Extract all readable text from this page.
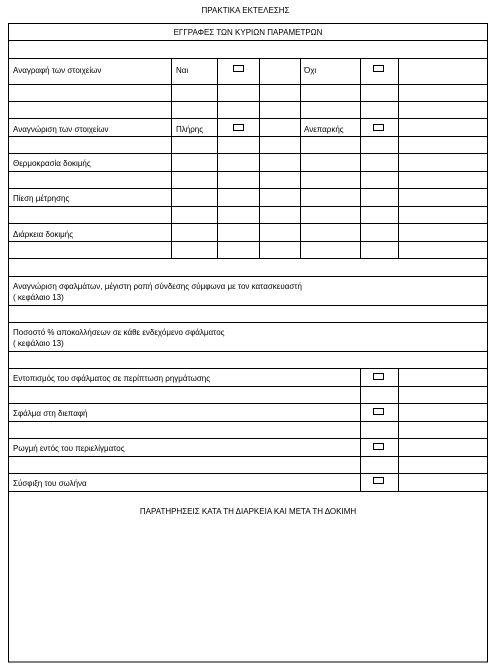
ΠΡΑΚΤΙΚΑ ΕΚΤΕΛΕΣΗΣ
ΕΓΓΡΑΦΕΣ ΤΩΝ ΚΥΡΙΩΝ ΠΑΡΑΜΕΤΡΩΝ
Αναγραφή των στοιχείων	Ναι	Όχι
Αναγνώριση των στοιχείων	Πλήρης	Ανεπαρκής
Θερμοκρασία δοκιμής
Πίεση μέτρησης
Διάρκεια δοκιμής
Αναγνώριση σφαλμάτων, μέγιστη ροπή σύνδεσης σύμφωνα με τον κατασκευαστή
( κεφάλαιο 13)
Ποσοστό % αποκολλήσεων σε κάθε ενδεχόμενο σφάλματος
( κεφάλαιο 13)
Εντοπισμός του σφάλματος σε περίπτωση ρηγμάτωσης
Σφάλμα στη διεπαφή
Ρωγμή εντός του περιελίγματος
Σύσφιξη του σωλήνα
ΠΑΡΑΤΗΡΗΣΕΙΣ ΚΑΤΑ ΤΗ ΔΙΑΡΚΕΙΑ ΚΑΙ ΜΕΤΑ ΤΗ ΔΟΚΙΜΗ
